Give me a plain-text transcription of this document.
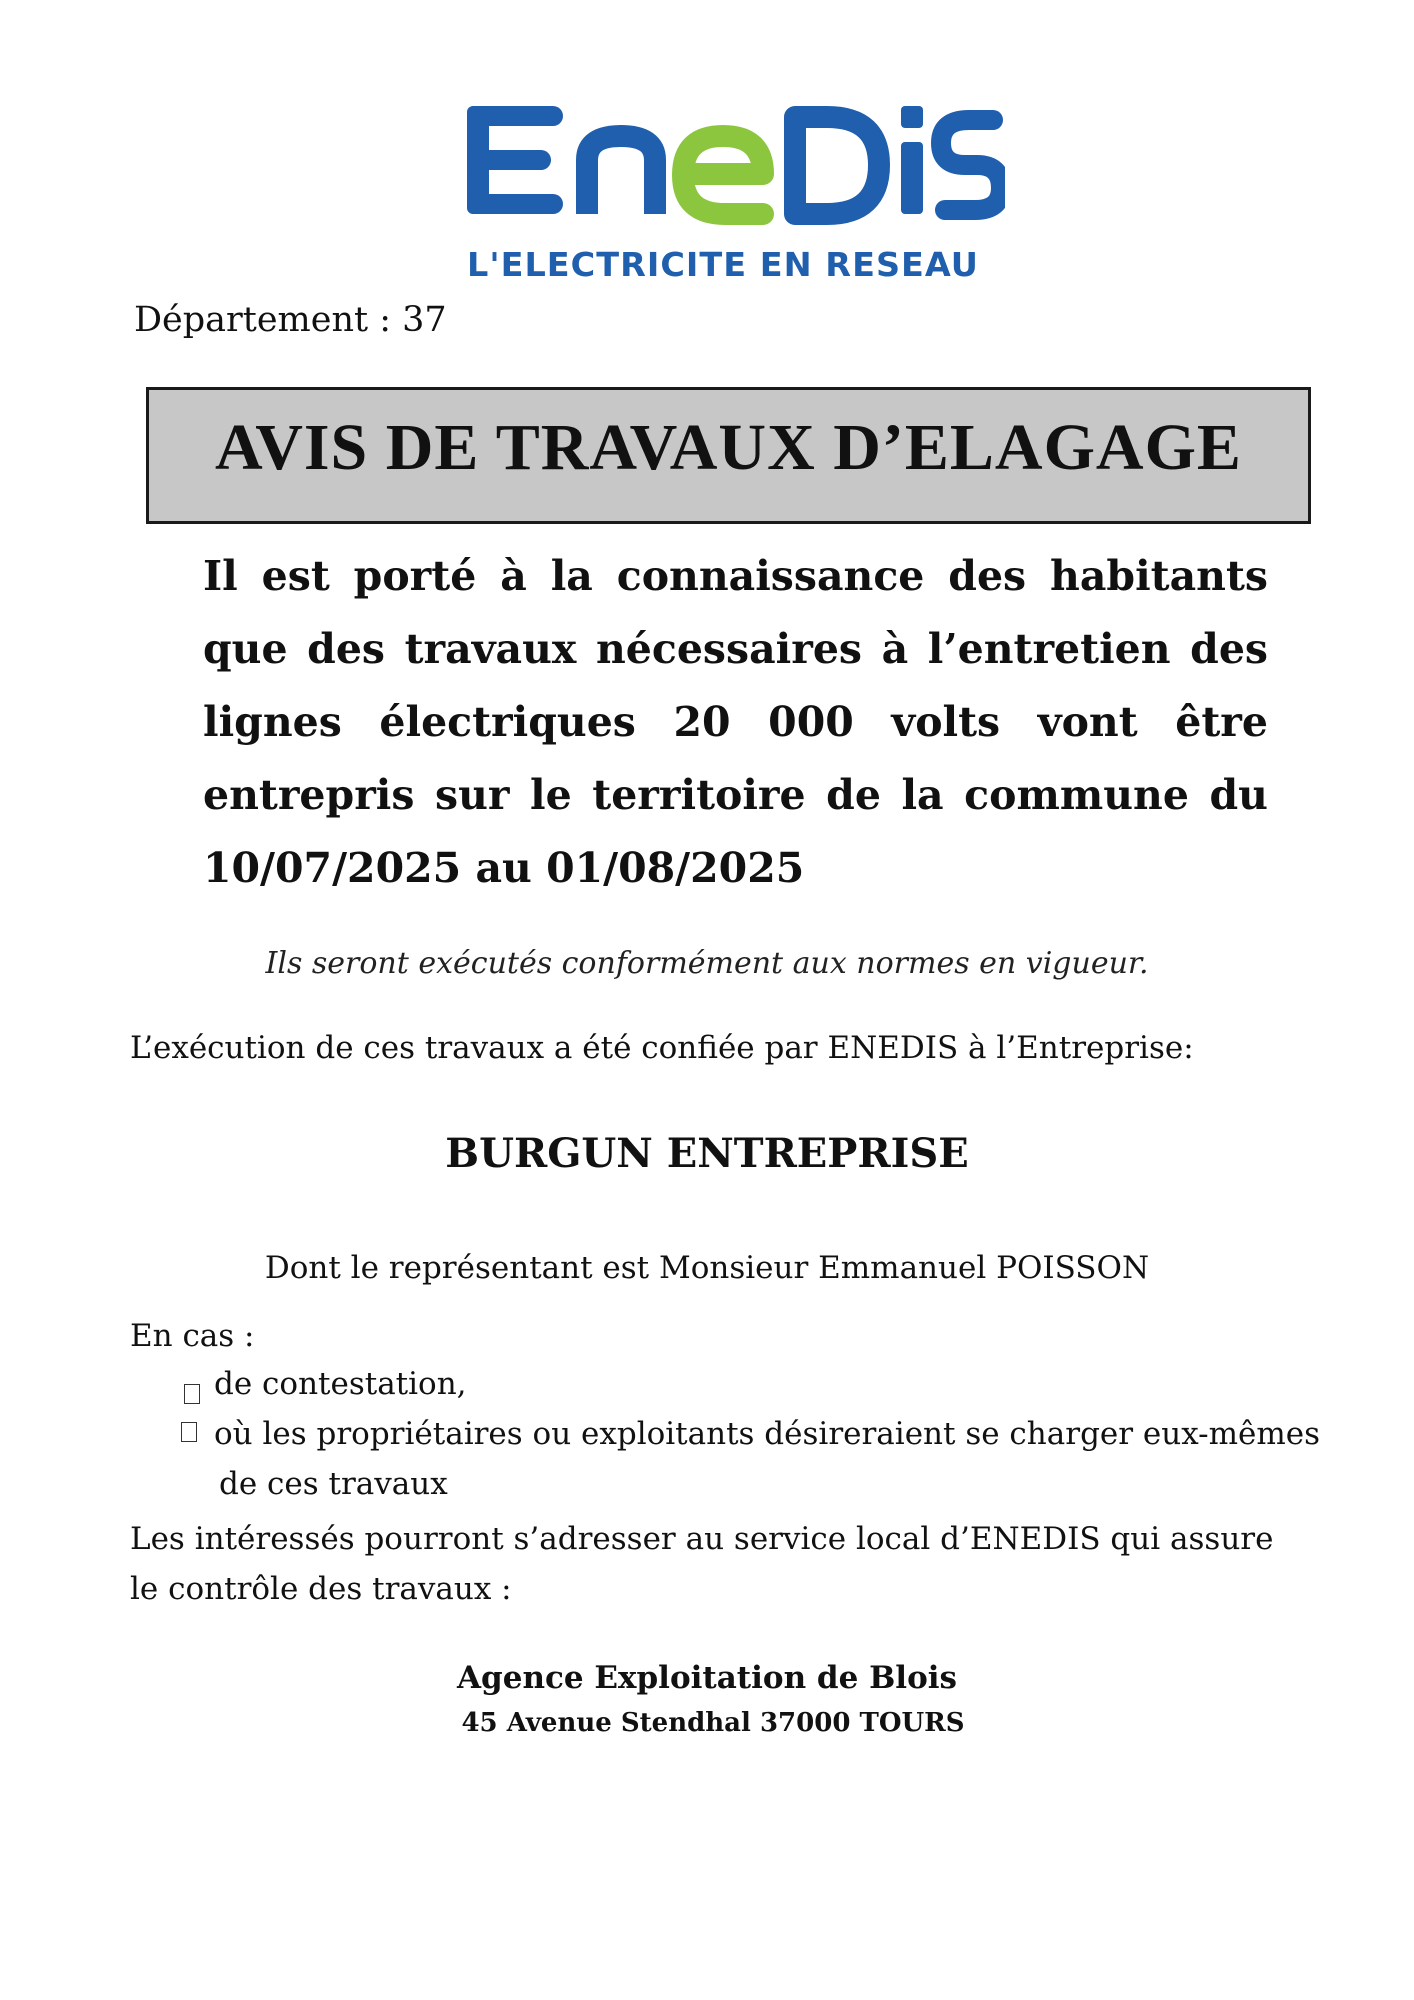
L'ELECTRICITE EN RESEAU
Département : 37
AVIS DE TRAVAUX D’ELAGAGE
Il est porté à la connaissance des habitants que des travaux nécessaires à l’entretien des lignes électriques 20 000 volts vont être entrepris sur le territoire de la commune du 10/07/2025 au 01/08/2025
Ils seront exécutés conformément aux normes en vigueur.
L’exécution de ces travaux a été confiée par ENEDIS à l’Entreprise:
BURGUN ENTREPRISE
Dont le représentant est Monsieur Emmanuel POISSON
En cas :
de contestation,
où les propriétaires ou exploitants désireraient se charger eux-mêmes
de ces travaux
Les intéressés pourront s’adresser au service local d’ENEDIS qui assure le contrôle des travaux :
Agence Exploitation de Blois
45 Avenue Stendhal 37000 TOURS
